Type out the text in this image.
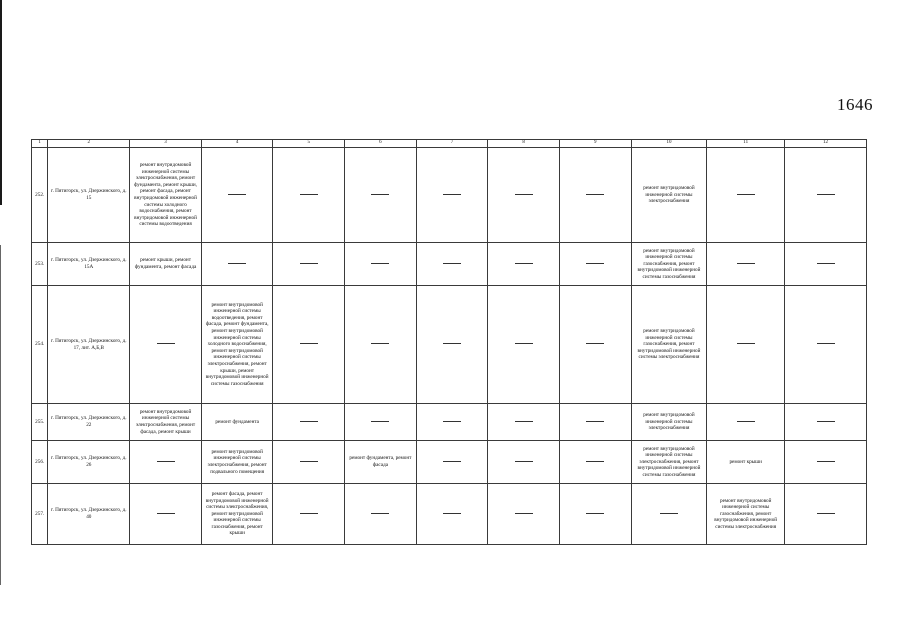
1646
1	2	3	4	5	6	7	8	9	10	11	12
252.	г. Пятигорск, ул. Дзержинского, д. 15	ремонт внутридомовой инженерной системы электроснабжения, ремонт фундамента, ремонт крыши, ремонт фасада, ремонт внутридомовой инженерной системы холодного водоснабжения, ремонт внутридомовой инженерной системы водоотведения							ремонт внутридомовой инженерной системы электроснабжения		
253.	г. Пятигорск, ул. Дзержинского, д. 15А	ремонт крыши, ремонт фундамента, ремонт фасада							ремонт внутридомовой инженерной системы газоснабжения, ремонт внутридомовой инженерной системы газоснабжения		
254.	г. Пятигорск, ул. Дзержинского, д. 17, лит. А,Б,В		ремонт внутридомовой инженерной системы водоотведения, ремонт фасада, ремонт фундамента, ремонт внутридомовой инженерной системы холодного водоснабжения, ремонт внутридомовой инженерной системы электроснабжения, ремонт крыши, ремонт внутридомовой инженерной системы газоснабжения						ремонт внутридомовой инженерной системы газоснабжения, ремонт внутридомовой инженерной системы электроснабжения		
255.	г. Пятигорск, ул. Дзержинского, д. 22	ремонт внутридомовой инженерной системы электроснабжения, ремонт фасада, ремонт крыши	ремонт фундамента						ремонт внутридомовой инженерной системы электроснабжения		
256.	г. Пятигорск, ул. Дзержинского, д. 26		ремонт внутридомовой инженерной системы электроснабжения, ремонт подвального помещения		ремонт фундамента, ремонт фасада				ремонт внутридомовой инженерной системы электроснабжения, ремонт внутридомовой инженерной системы газоснабжения	ремонт крыши	
257.	г. Пятигорск, ул. Дзержинского, д. 40		ремонт фасада, ремонт внутридомовой инженерной системы электроснабжения, ремонт внутридомовой инженерной системы газоснабжения, ремонт крыши							ремонт внутридомовой инженерной системы газоснабжения, ремонт внутридомовой инженерной системы электроснабжения	
